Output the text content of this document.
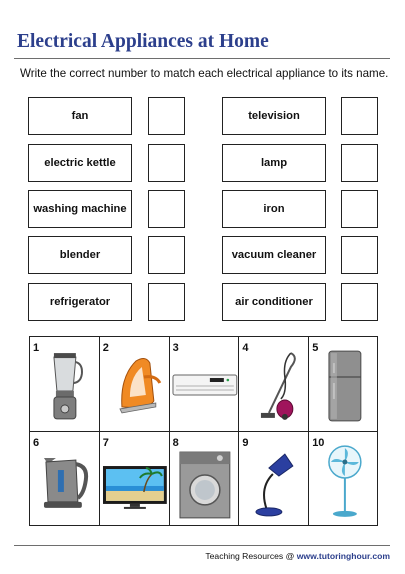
Electrical Appliances at Home
Write the correct number to match each electrical appliance to its name.
fan
electric kettle
washing machine
blender
refrigerator
television
lamp
iron
vacuum cleaner
air conditioner
1	2	3	4	5
6	7	8	9	10
Teaching Resources @ www.tutoringhour.com
